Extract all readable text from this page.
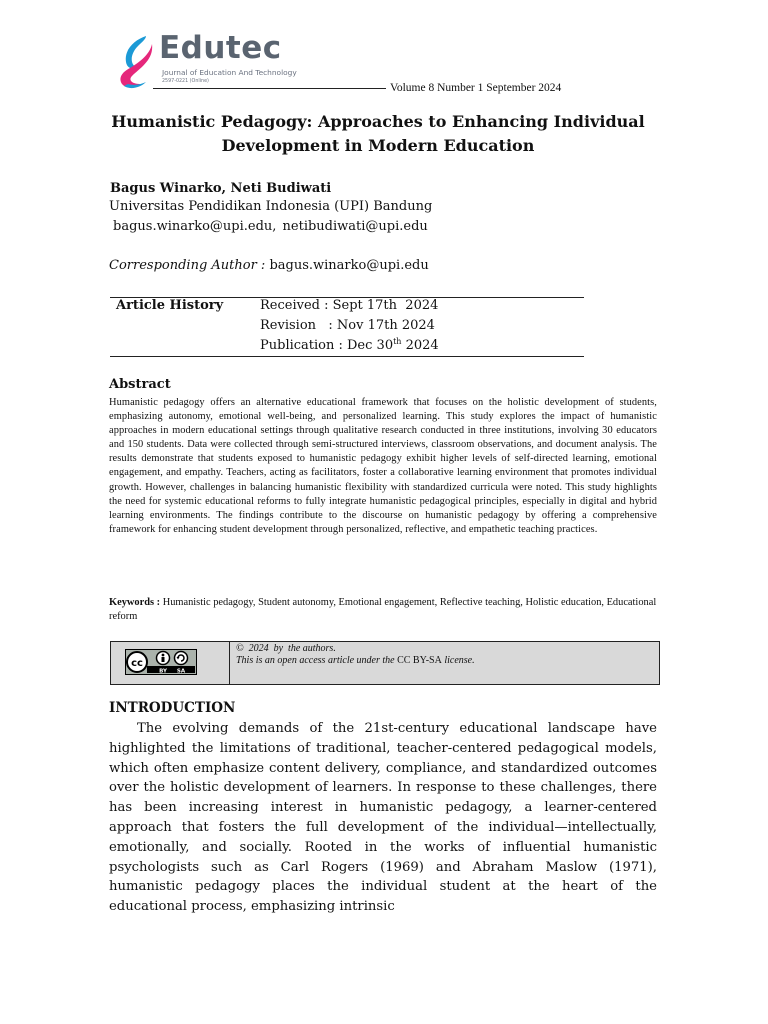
Edutec
Journal of Education And Technology
2597-0221 (Online)
Volume 8 Number 1 September 2024
Humanistic Pedagogy: Approaches to Enhancing Individual Development in Modern Education
Bagus Winarko, Neti Budiwati
Universitas Pendidikan Indonesia (UPI) Bandung
bagus.winarko@upi.edu, netibudiwati@upi.edu
Corresponding Author : bagus.winarko@upi.edu
Article History	Received : Sept 17th  2024
Revision   : Nov 17th 2024
Publication : Dec 30th 2024
Abstract
Humanistic pedagogy offers an alternative educational framework that focuses on the holistic development of students, emphasizing autonomy, emotional well-being, and personalized learning. This study explores the impact of humanistic approaches in modern educational settings through qualitative research conducted in three institutions, involving 30 educators and 150 students. Data were collected through semi-structured interviews, classroom observations, and document analysis. The results demonstrate that students exposed to humanistic pedagogy exhibit higher levels of self-directed learning, emotional engagement, and empathy. Teachers, acting as facilitators, foster a collaborative learning environment that promotes individual growth. However, challenges in balancing humanistic flexibility with standardized curricula were noted. This study highlights the need for systemic educational reforms to fully integrate humanistic pedagogical principles, especially in digital and hybrid learning environments. The findings contribute to the discourse on humanistic pedagogy by offering a comprehensive framework for enhancing student development through personalized, reflective, and empathetic teaching practices.
Keywords : Humanistic pedagogy, Student autonomy, Emotional engagement, Reflective teaching, Holistic education, Educational reform
cc
BY SA
©  2024  by  the authors.
This is an open access article under the CC BY-SA license.
INTRODUCTION
The evolving demands of the 21st-century educational landscape have highlighted the limitations of traditional, teacher-centered pedagogical models, which often emphasize content delivery, compliance, and standardized outcomes over the holistic development of learners. In response to these challenges, there has been increasing interest in humanistic pedagogy, a learner-centered approach that fosters the full development of the individual—intellectually, emotionally, and socially. Rooted in the works of influential humanistic psychologists such as Carl Rogers (1969) and Abraham Maslow (1971), humanistic pedagogy places the individual student at the heart of the educational process, emphasizing intrinsic
